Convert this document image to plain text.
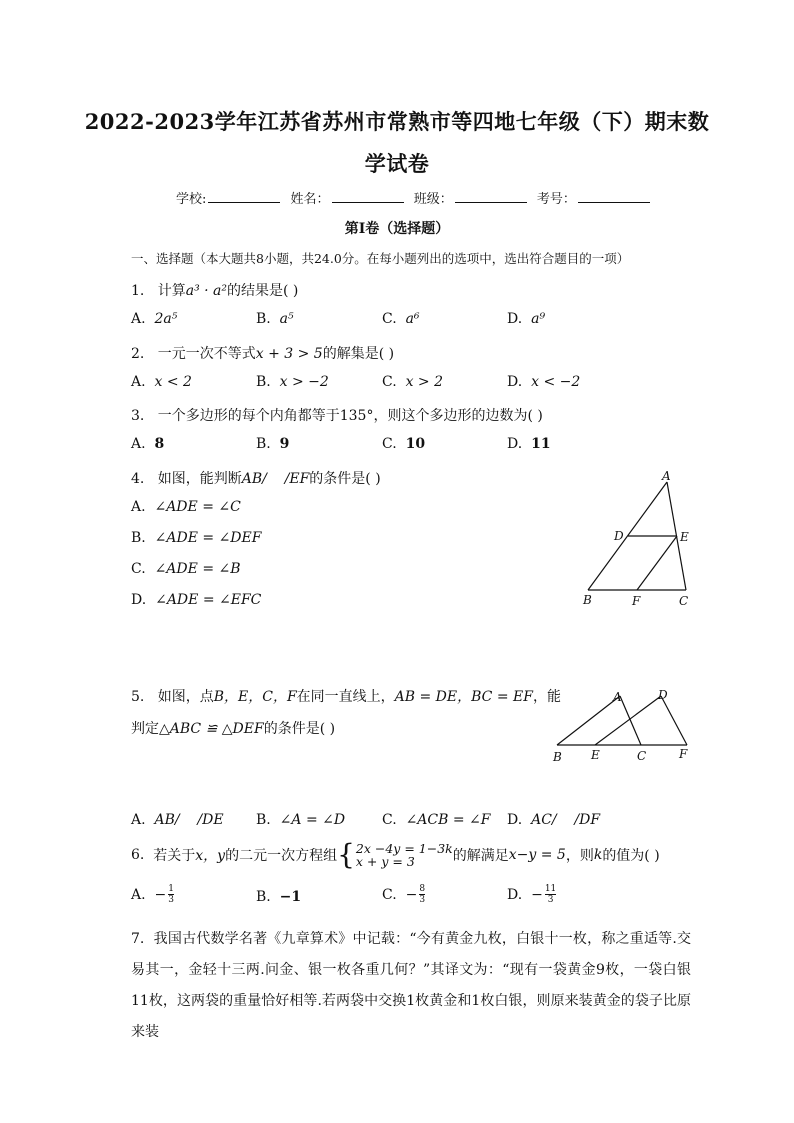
2022-2023学年江苏省苏州市常熟市等四地七年级（下）期末数
学试卷
学校:	姓名：	班级：	考号：
第I卷（选择题）
一、选择题（本大题共8小题，共24.0分。在每小题列出的选项中，选出符合题目的一项）
1. 计算a³ · a²的结果是( )
A. 2a⁵	B. a⁵	C. a⁶	D. a⁹
2. 一元一次不等式x + 3 > 5的解集是( )
A. x < 2	B. x > −2	C. x > 2	D. x < −2
3. 一个多边形的每个内角都等于135°，则这个多边形的边数为( )
A. 8	B. 9	C. 10	D. 11
4. 如图，能判断AB/    /EF的条件是( )
A. ∠ADE = ∠C
B. ∠ADE = ∠DEF
C. ∠ADE = ∠B
D. ∠ADE = ∠EFC
A
D	E
B	F	C
5. 如图，点B，E，C，F在同一直线上，AB = DE，BC = EF，能
判定△ABC ≌ △DEF的条件是( )
A	D
B E	C	F
A. AB/    /DE B. ∠A = ∠D	C. ∠ACB = ∠F D. AC/    /DF
6.
若关于 x，y 的二元一次方程组 { 2x −4y = 1−3k
x + y = 3	的解满足 x−y = 5 ，则 k 的值为( )
A.
− $\frac{1}{3}$	B. −1	C.
− $\frac{8}{3}$	D.
− $\frac{11}{3}$
7. 我国古代数学名著《九章算术》中记载：“今有黄金九枚，白银十一枚，称之重适等.交易其一，金轻十三两.问金、银一枚各重几何？”其译文为：“现有一袋黄金9枚，一袋白银11枚，这两袋的重量恰好相等.若两袋中交换1枚黄金和1枚白银，则原来装黄金的袋子比原来装
